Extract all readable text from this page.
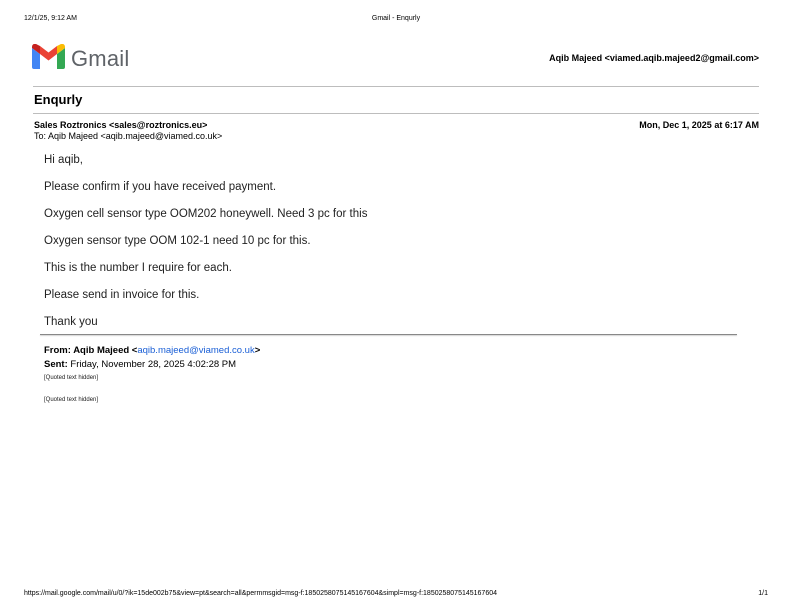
12/1/25, 9:12 AM	Gmail - Enqurly
Gmail	Aqib Majeed <viamed.aqib.majeed2@gmail.com>
Enqurly
Sales Roztronics <sales@roztronics.eu>	Mon, Dec 1, 2025 at 6:17 AM
To: Aqib Majeed <aqib.majeed@viamed.co.uk>
Hi aqib,
Please confirm if you have received payment.
Oxygen cell sensor type OOM202 honeywell. Need 3 pc for this
Oxygen sensor type OOM 102-1 need 10 pc for this.
This is the number I require for each.
Please send in invoice for this.
Thank you
From: Aqib Majeed <aqib.majeed@viamed.co.uk>
Sent: Friday, November 28, 2025 4:02:28 PM
[Quoted text hidden]
[Quoted text hidden]
https://mail.google.com/mail/u/0/?ik=15de002b75&view=pt&search=all&permmsgid=msg-f:1850258075145167604&simpl=msg-f:1850258075145167604	1/1
